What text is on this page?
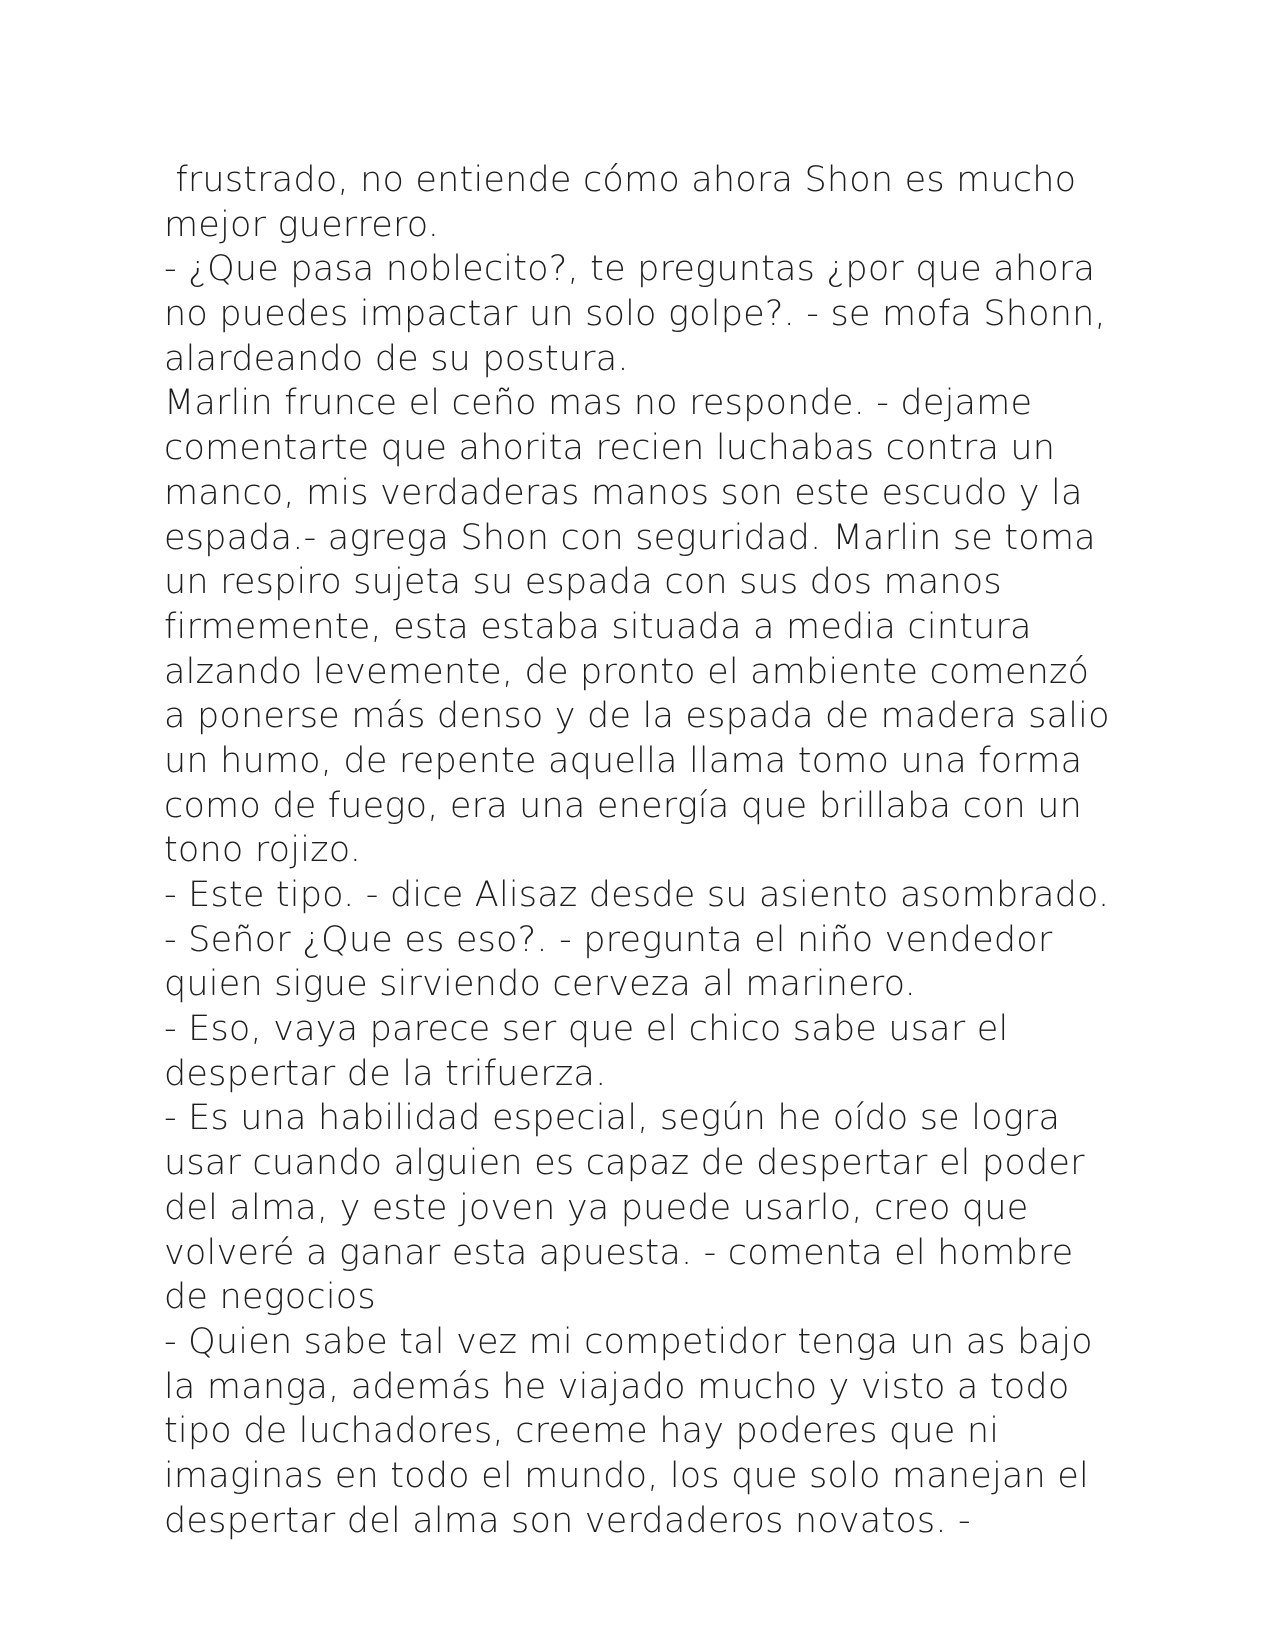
frustrado, no entiende cómo ahora Shon es mucho
mejor guerrero.
- ¿Que pasa noblecito?, te preguntas ¿por que ahora
no puedes impactar un solo golpe?. - se mofa Shonn,
alardeando de su postura.
Marlin frunce el ceño mas no responde. - dejame
comentarte que ahorita recien luchabas contra un
manco, mis verdaderas manos son este escudo y la
espada.- agrega Shon con seguridad. Marlin se toma
un respiro sujeta su espada con sus dos manos
firmemente, esta estaba situada a media cintura
alzando levemente, de pronto el ambiente comenzó
a ponerse más denso y de la espada de madera salio
un humo, de repente aquella llama tomo una forma
como de fuego, era una energía que brillaba con un
tono rojizo.
- Este tipo. - dice Alisaz desde su asiento asombrado.
- Señor ¿Que es eso?. - pregunta el niño vendedor
quien sigue sirviendo cerveza al marinero.
- Eso, vaya parece ser que el chico sabe usar el
despertar de la trifuerza.
- Es una habilidad especial, según he oído se logra
usar cuando alguien es capaz de despertar el poder
del alma, y este joven ya puede usarlo, creo que
volveré a ganar esta apuesta. - comenta el hombre
de negocios
- Quien sabe tal vez mi competidor tenga un as bajo
la manga, además he viajado mucho y visto a todo
tipo de luchadores, creeme hay poderes que ni
imaginas en todo el mundo, los que solo manejan el
despertar del alma son verdaderos novatos. -
